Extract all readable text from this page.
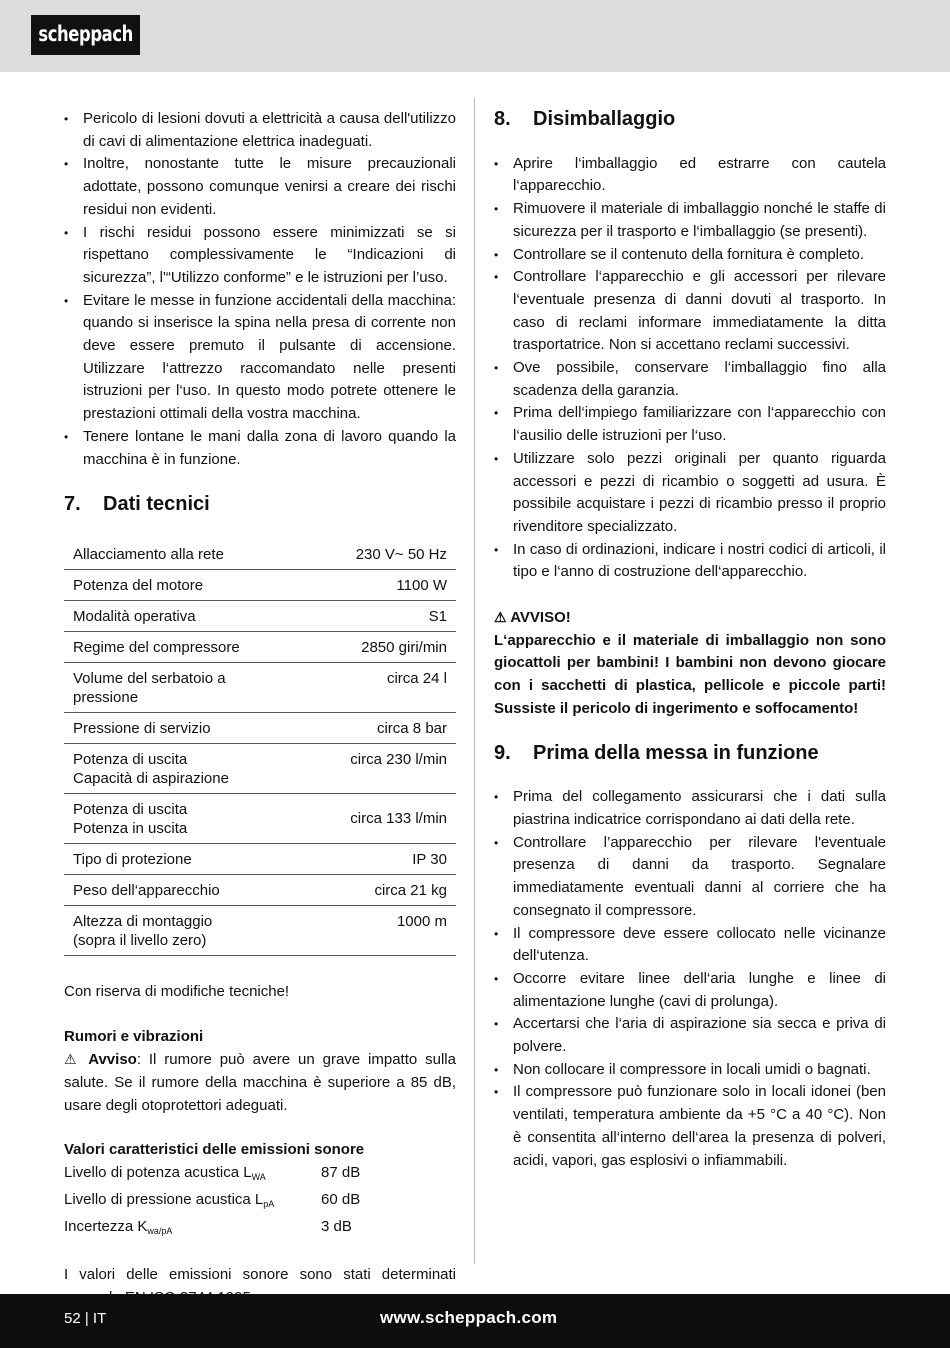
scheppach
• Pericolo di lesioni dovuti a elettricità a causa dell'utilizzo di cavi di alimentazione elettrica inadeguati.
• Inoltre, nonostante tutte le misure precauzionali adottate, possono comunque venirsi a creare dei rischi residui non evidenti.
• I rischi residui possono essere minimizzati se si rispettano complessivamente le “Indicazioni di sicurezza”, l'“Utilizzo conforme” e le istruzioni per l’uso.
• Evitare le messe in funzione accidentali della macchina: quando si inserisce la spina nella presa di corrente non deve essere premuto il pulsante di accensione. Utilizzare l‘attrezzo raccomandato nelle presenti istruzioni per l‘uso. In questo modo potrete ottenere le prestazioni ottimali della vostra macchina.
• Tenere lontane le mani dalla zona di lavoro quando la macchina è in funzione.
7.	Dati tecnici
Allacciamento alla rete	230 V~ 50 Hz
Potenza del motore	1100 W
Modalità operativa	S1
Regime del compressore	2850 giri/min
Volume del serbatoio a pressione	circa 24 l
Pressione di servizio	circa 8 bar

Potenza di uscita
Capacità di aspirazione	circa 230 l/min

Potenza di uscita
Potenza in uscita	circa 133 l/min
Tipo di protezione	IP 30
Peso dell‘apparecchio	circa 21 kg

Altezza di montaggio
(sopra il livello zero)	1000 m

Con riserva di modifiche tecniche!

Rumori e vibrazioni

⚠ Avviso: Il rumore può avere un grave impatto sulla salute. Se il rumore della macchina è superiore a 85 dB, usare degli otoprotettori adeguati.

Valori caratteristici delle emissioni sonore

Livello di potenza acustica $L_{WA}$	87 dB
Livello di pressione acustica $L_{pA}$	60 dB
Incertezza $K_{wa/pA}$	3 dB

I valori delle emissioni sonore sono stati determinati

8.	Disimballaggio
• Aprire l‘imballaggio ed estrarre con cautela l‘apparecchio.
• Rimuovere il materiale di imballaggio nonché le staffe di sicurezza per il trasporto e l‘imballaggio (se presenti).
• Controllare se il contenuto della fornitura è completo.
• Controllare l‘apparecchio e gli accessori per rilevare l‘eventuale presenza di danni dovuti al trasporto. In caso di reclami informare immediatamente la ditta trasportatrice. Non si accettano reclami successivi.
• Ove possibile, conservare l‘imballaggio fino alla scadenza della garanzia.
• Prima dell‘impiego familiarizzare con l‘apparecchio con l‘ausilio delle istruzioni per l‘uso.
• Utilizzare solo pezzi originali per quanto riguarda accessori e pezzi di ricambio o soggetti ad usura. È possibile acquistare i pezzi di ricambio presso il proprio rivenditore specializzato.
• In caso di ordinazioni, indicare i nostri codici di articoli, il tipo e l‘anno di costruzione dell‘apparecchio.

⚠ AVVISO!

L‘apparecchio e il materiale di imballaggio non sono giocattoli per bambini! I bambini non devono giocare con i sacchetti di plastica, pellicole e piccole parti! Sussiste il pericolo di ingerimento e soffocamento!

9.	Prima della messa in funzione
• Prima del collegamento assicurarsi che i dati sulla piastrina indicatrice corrispondano ai dati della rete.
• Controllare l’apparecchio per rilevare l'eventuale presenza di danni da trasporto. Segnalare immediatamente eventuali danni al corriere che ha consegnato il compressore.
• Il compressore deve essere collocato nelle vicinanze dell‘utenza.
• Occorre evitare linee dell‘aria lunghe e linee di alimentazione lunghe (cavi di prolunga).
• Accertarsi che l‘aria di aspirazione sia secca e priva di polvere.
• Non collocare il compressore in locali umidi o bagnati.
• Il compressore può funzionare solo in locali idonei (ben ventilati, temperatura ambiente da +5 °C a 40 °C). Non è consentita all‘interno dell‘area la presenza di polveri, acidi, vapori, gas esplosivi o infiammabili.
52 | IT	www.scheppach.com
